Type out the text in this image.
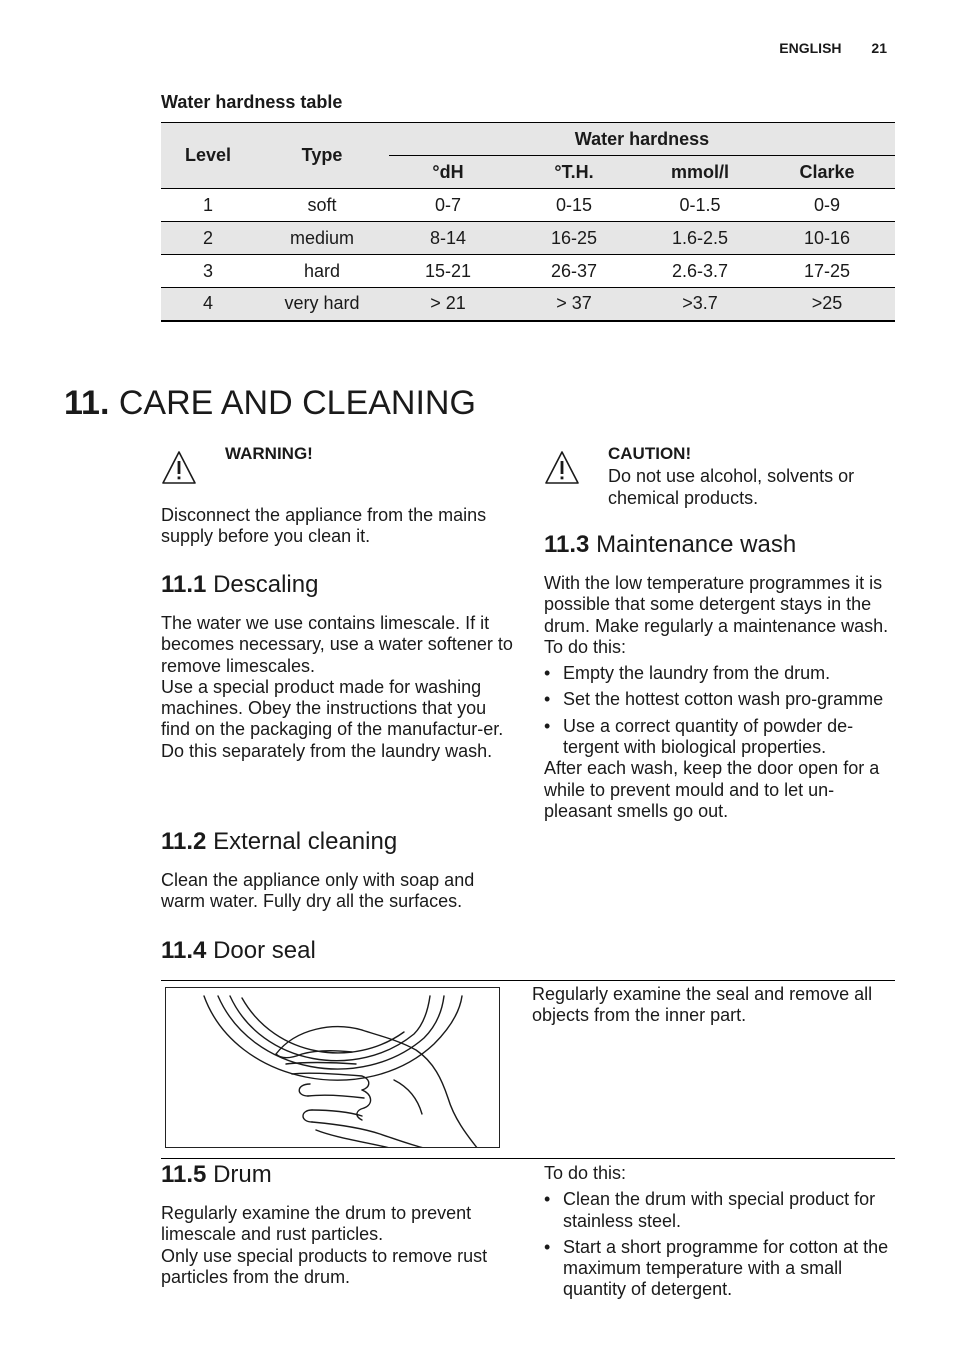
ENGLISH 21
Water hardness table
Level	Type	Water hardness			
		°dH	°T.H.	mmol/l	Clarke
1	soft	0-7	0-15	0-1.5	0-9
2	medium	8-14	16-25	1.6-2.5	10-16
3	hard	15-21	26-37	2.6-3.7	17-25
4	very hard	> 21	> 37	>3.7	>25
11. CARE AND CLEANING
WARNING!
Disconnect the appliance from the mains supply before you clean it.
CAUTION!
Do not use alcohol, solvents or chemical products.
11.1 Descaling
The water we use contains limescale. If it becomes necessary, use a water softener to remove limescales.
Use a special product made for washing machines. Obey the instructions that you find on the packaging of the manufactur-er.
Do this separately from the laundry wash.
11.2 External cleaning
Clean the appliance only with soap and warm water. Fully dry all the surfaces.
11.3 Maintenance wash
With the low temperature programmes it is possible that some detergent stays in the drum. Make regularly a maintenance wash. To do this:
• Empty the laundry from the drum.
• Set the hottest cotton wash pro-gramme
• Use a correct quantity of powder de-tergent with biological properties.
After each wash, keep the door open for a while to prevent mould and to let un-pleasant smells go out.
11.4 Door seal
Regularly examine the seal and remove all objects from the inner part.
11.5 Drum
Regularly examine the drum to prevent limescale and rust particles.
Only use special products to remove rust particles from the drum.
To do this:
• Clean the drum with special product for stainless steel.
• Start a short programme for cotton at the maximum temperature with a small quantity of detergent.
